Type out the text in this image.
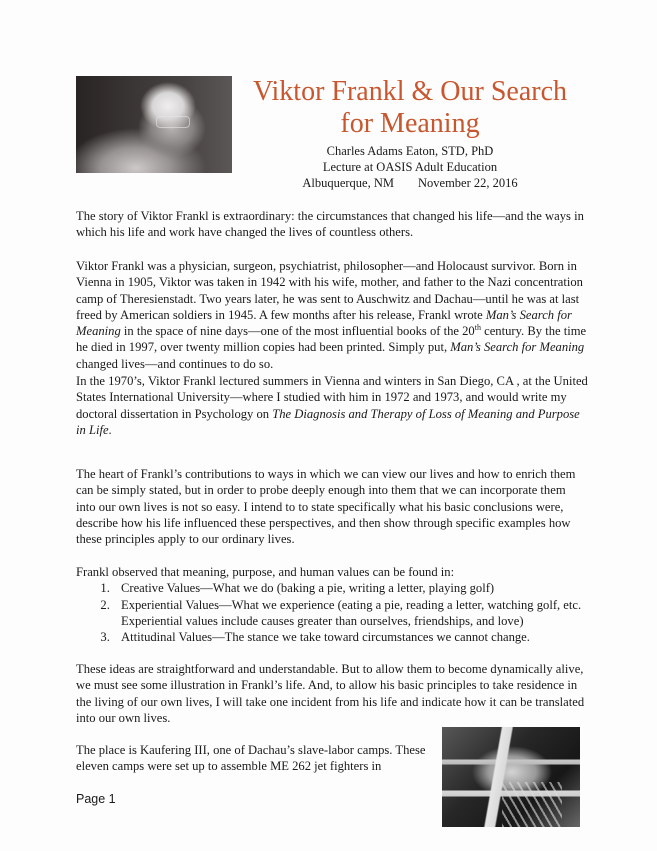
Viktor Frankl & Our Search
for Meaning
Charles Adams Eaton, STD, PhD
Lecture at OASIS Adult Education
Albuquerque, NM November 22, 2016

The story of Viktor Frankl is extraordinary: the circumstances that changed his life—and the ways in which his life and work have changed the lives of countless others.

Viktor Frankl was a physician, surgeon, psychiatrist, philosopher—and Holocaust survivor. Born in Vienna in 1905, Viktor was taken in 1942 with his wife, mother, and father to the Nazi concentration camp of Theresienstadt. Two years later, he was sent to Auschwitz and Dachau—until he was at last freed by American soldiers in 1945. A few months after his release, Frankl wrote Man’s Search for Meaning in the space of nine days—one of the most influential books of the 20th century. By the time he died in 1997, over twenty million copies had been printed. Simply put, Man’s Search for Meaning changed lives—and continues to do so.

In the 1970’s, Viktor Frankl lectured summers in Vienna and winters in San Diego, CA , at the United States International University—where I studied with him in 1972 and 1973, and would write my doctoral dissertation in Psychology on The Diagnosis and Therapy of Loss of Meaning and Purpose in Life.

The heart of Frankl’s contributions to ways in which we can view our lives and how to enrich them can be simply stated, but in order to probe deeply enough into them that we can incorporate them into our own lives is not so easy. I intend to to state specifically what his basic conclusions were, describe how his life influenced these perspectives, and then show through specific examples how these principles apply to our ordinary lives.

Frankl observed that meaning, purpose, and human values can be found in:

1. Creative Values—What we do (baking a pie, writing a letter, playing golf)
2. Experiential Values—What we experience (eating a pie, reading a letter, watching golf, etc. Experiential values include causes greater than ourselves, friendships, and love)
3. Attitudinal Values—The stance we take toward circumstances we cannot change.

These ideas are straightforward and understandable. But to allow them to become dynamically alive, we must see some illustration in Frankl’s life. And, to allow his basic principles to take residence in the living of our own lives, I will take one incident from his life and indicate how it can be translated into our own lives.

The place is Kaufering III, one of Dachau’s slave-labor camps. These eleven camps were set up to assemble ME 262 jet fighters in

Page 1
